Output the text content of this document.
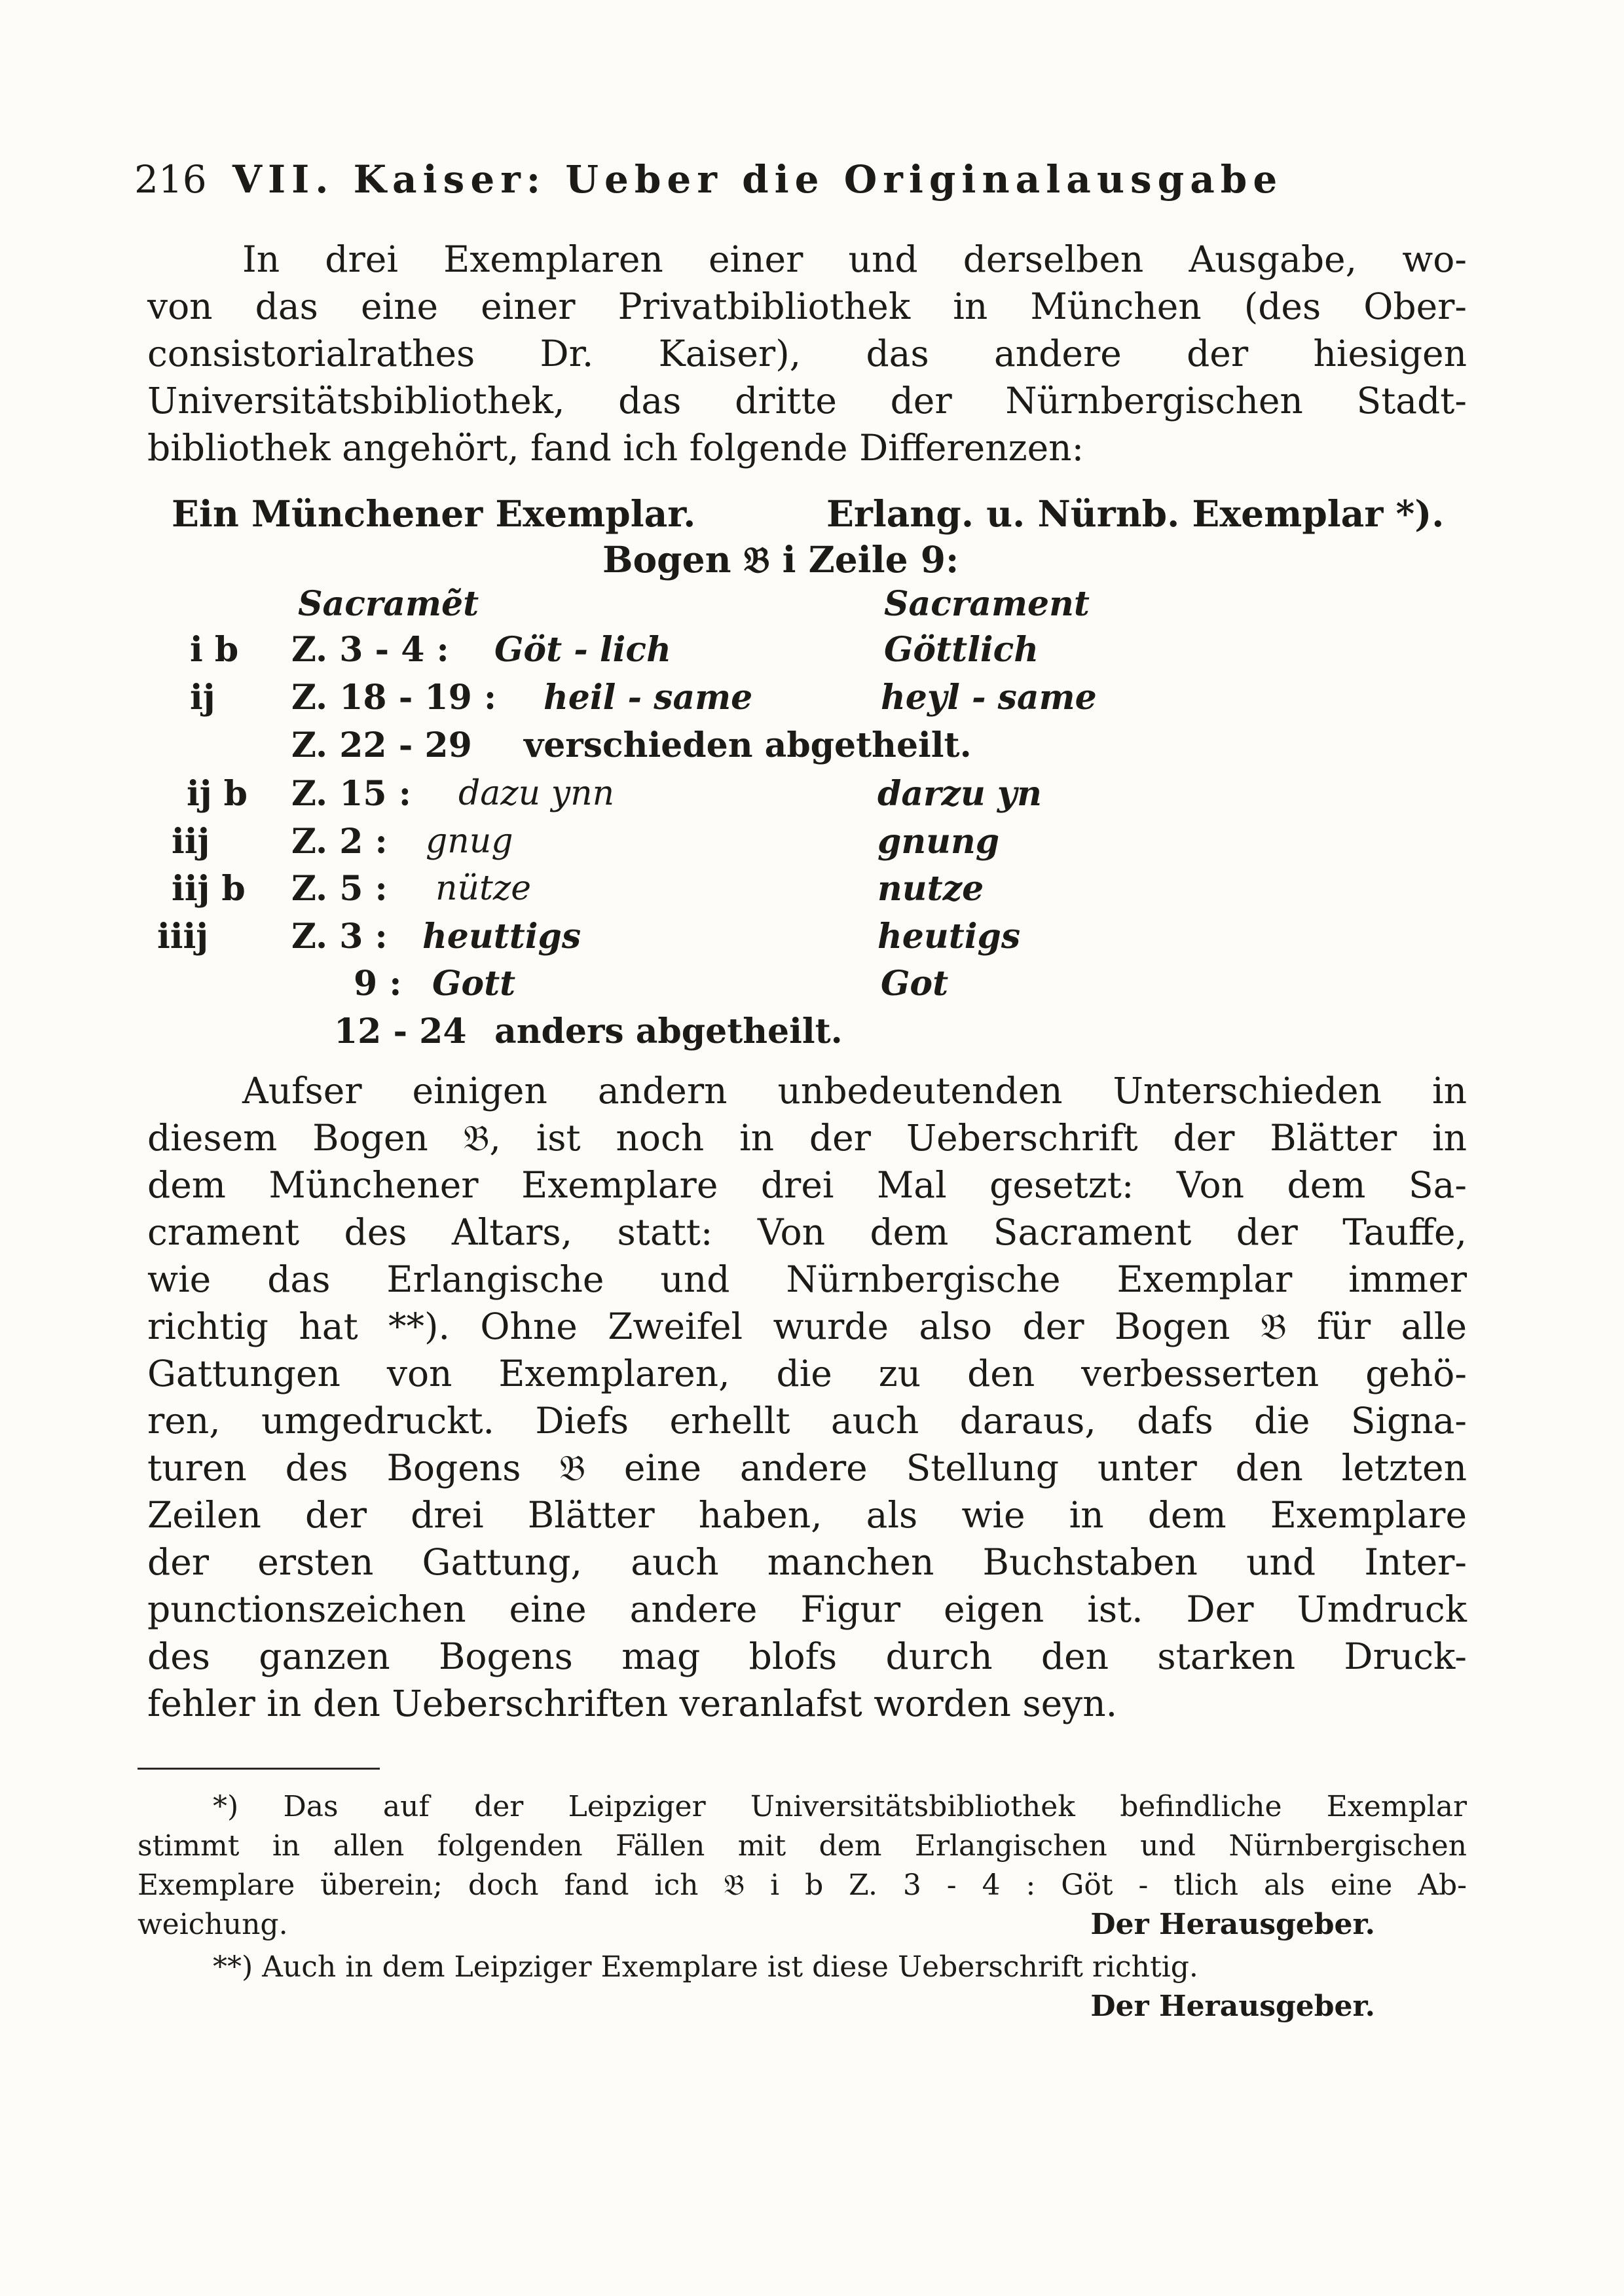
216 VII. Kaiser: Ueber die Originalausgabe
In drei Exemplaren einer und derselben Ausgabe, wo-
von das eine einer Privatbibliothek in München (des Ober-
consistorialrathes Dr. Kaiser), das andere der hiesigen
Universitätsbibliothek, das dritte der Nürnbergischen Stadt-
bibliothek angehört, fand ich folgende Differenzen:
Ein Münchener Exemplar.	Erlang. u. Nürnb. Exemplar *).
Bogen 𝔅 i Zeile 9:
Sacramẽt	Sacrament
i b Z. 3 - 4 : Göt - lich	Göttlich
ij Z. 18 - 19 : heil - same	heyl - same
Z. 22 - 29 verschieden abgetheilt.
ij b Z. 15 : dazu ynn	darzu yn
iij Z. 2 : gnug	gnung
iij b Z. 5 : nütze	nutze
iiij Z. 3 : heuttigs	heutigs
9 : Gott	Got
12 - 24 anders abgetheilt.
Aufser einigen andern unbedeutenden Unterschieden in
diesem Bogen 𝔅, ist noch in der Ueberschrift der Blätter in
dem Münchener Exemplare drei Mal gesetzt: Von dem Sa-
crament des Altars, statt: Von dem Sacrament der Tauffe,
wie das Erlangische und Nürnbergische Exemplar immer
richtig hat **). Ohne Zweifel wurde also der Bogen 𝔅 für alle
Gattungen von Exemplaren, die zu den verbesserten gehö-
ren, umgedruckt. Diefs erhellt auch daraus, dafs die Signa-
turen des Bogens 𝔅 eine andere Stellung unter den letzten
Zeilen der drei Blätter haben, als wie in dem Exemplare
der ersten Gattung, auch manchen Buchstaben und Inter-
punctionszeichen eine andere Figur eigen ist. Der Umdruck
des ganzen Bogens mag blofs durch den starken Druck-
fehler in den Ueberschriften veranlafst worden seyn.
*) Das auf der Leipziger Universitätsbibliothek befindliche Exemplar
stimmt in allen folgenden Fällen mit dem Erlangischen und Nürnbergischen
Exemplare überein; doch fand ich 𝔅 i b Z. 3 - 4 : Göt - tlich als eine Ab-
weichung.	Der Herausgeber.
**) Auch in dem Leipziger Exemplare ist diese Ueberschrift richtig.
Der Herausgeber.
